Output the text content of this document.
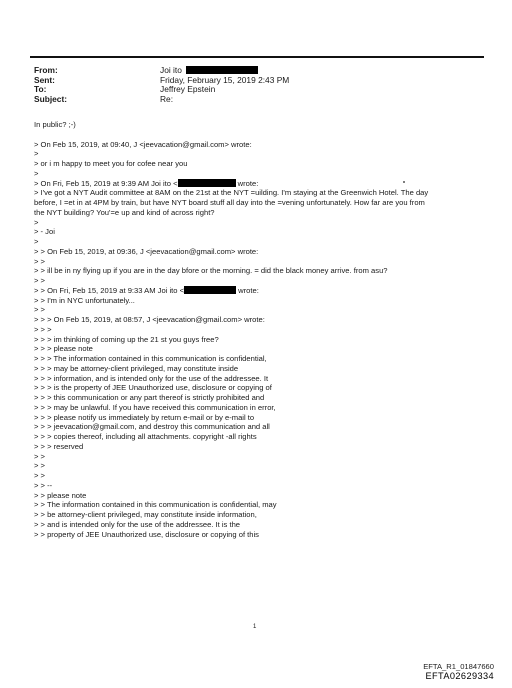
From:	Joi ito
Sent:	Friday, February 15, 2019 2:43 PM
To:	Jeffrey Epstein
Subject:	Re:
In public? ;-)
> On Feb 15, 2019, at 09:40, J <jeevacation@gmail.com> wrote:
>
> or i m happy to meet you for cofee near you
>
> On Fri, Feb 15, 2019 at 9:39 AM Joi ito <	wrote:
> I've got a NYT Audit committee at 8AM on the 21st at the NYT =uilding. I'm staying at the Greenwich Hotel. The day
before, I =et in at 4PM by train, but have NYT board stuff all day into the =vening unfortunately. How far are you from
the NYT building? You'=e up and kind of across right?
>
> - Joi
>
> > On Feb 15, 2019, at 09:36, J <jeevacation@gmail.com> wrote:
> >
> > ill be in ny flying up if you are in the day bfore or the morning. = did the black money arrive. from asu?
> >
> > On Fri, Feb 15, 2019 at 9:33 AM Joi ito <	wrote:
> > I'm in NYC unfortunately...
> >
> > > On Feb 15, 2019, at 08:57, J <jeevacation@gmail.com> wrote:
> > >
> > > im thinking of coming up the 21 st you guys free?
> > > please note
> > > The information contained in this communication is confidential,
> > > may be attorney-client privileged, may constitute inside
> > > information, and is intended only for the use of the addressee. It
> > > is the property of JEE Unauthorized use, disclosure or copying of
> > > this communication or any part thereof is strictly prohibited and
> > > may be unlawful. If you have received this communication in error,
> > > please notify us immediately by return e-mail or by e-mail to
> > > jeevacation@gmail.com, and destroy this communication and all
> > > copies thereof, including all attachments. copyright -all rights
> > > reserved
> >
> >
> >
> > --
> > please note
> > The information contained in this communication is confidential, may
> > be attorney-client privileged, may constitute inside information,
> > and is intended only for the use of the addressee. It is the
> > property of JEE Unauthorized use, disclosure or copying of this
1
EFTA_R1_01847660
EFTA02629334
